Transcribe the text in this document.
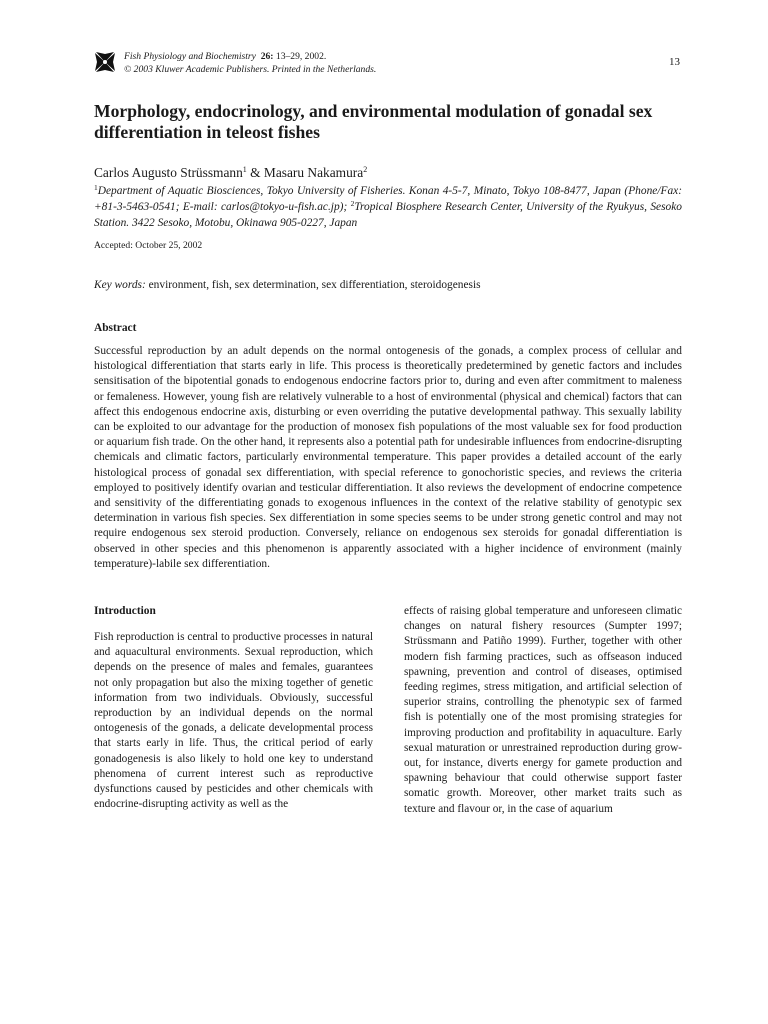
Fish Physiology and Biochemistry 26: 13–29, 2002.
© 2003 Kluwer Academic Publishers. Printed in the Netherlands.
13
Morphology, endocrinology, and environmental modulation of gonadal sex differentiation in teleost fishes
Carlos Augusto Strüssmann$^1$ & Masaru Nakamura$^2$
$^1$Department of Aquatic Biosciences, Tokyo University of Fisheries. Konan 4-5-7, Minato, Tokyo 108-8477, Japan (Phone/Fax: +81-3-5463-0541; E-mail: carlos@tokyo-u-fish.ac.jp); $^2$Tropical Biosphere Research Center, University of the Ryukyus, Sesoko Station. 3422 Sesoko, Motobu, Okinawa 905-0227, Japan
Accepted: October 25, 2002
Key words: environment, fish, sex determination, sex differentiation, steroidogenesis
Abstract

Successful reproduction by an adult depends on the normal ontogenesis of the gonads, a complex process of cellular and histological differentiation that starts early in life. This process is theoretically predetermined by genetic factors and includes sensitisation of the bipotential gonads to endogenous endocrine factors prior to, during and even after commitment to maleness or femaleness. However, young fish are relatively vulnerable to a host of environmental (physical and chemical) factors that can affect this endogenous endocrine axis, disturbing or even overriding the putative developmental pathway. This sexually lability can be exploited to our advantage for the production of monosex fish populations of the most valuable sex for food production or aquarium fish trade. On the other hand, it represents also a potential path for undesirable influences from endocrine-disrupting chemicals and climatic factors, particularly environmental temperature. This paper provides a detailed account of the early histological process of gonadal sex differentiation, with special reference to gonochoristic species, and reviews the criteria employed to positively identify ovarian and testicular differentiation. It also reviews the development of endocrine competence and sensitivity of the differentiating gonads to exogenous influences in the context of the relative stability of genotypic sex determination in various fish species. Sex differentiation in some species seems to be under strong genetic control and may not require endogenous sex steroid production. Conversely, reliance on endogenous sex steroids for gonadal differentiation is observed in other species and this phenomenon is apparently associated with a higher incidence of environment (mainly temperature)-labile sex differentiation.

Introduction

Fish reproduction is central to productive processes in natural and aquacultural environments. Sexual reproduction, which depends on the presence of males and females, guarantees not only propagation but also the mixing together of genetic information from two individuals. Obviously, successful reproduction by an individual depends on the normal ontogenesis of the gonads, a delicate developmental process that starts early in life. Thus, the critical period of early gonadogenesis is also likely to hold one key to understand phenomena of current interest such as reproductive dysfunctions caused by pesticides and other chemicals with endocrine-disrupting activity as well as the

effects of raising global temperature and unforeseen climatic changes on natural fishery resources (Sumpter 1997; Strüssmann and Patiño 1999). Further, together with other modern fish farming practices, such as offseason induced spawning, prevention and control of diseases, optimised feeding regimes, stress mitigation, and artificial selection of superior strains, controlling the phenotypic sex of farmed fish is potentially one of the most promising strategies for improving production and profitability in aquaculture. Early sexual maturation or unrestrained reproduction during growout, for instance, diverts energy for gamete production and spawning behaviour that could otherwise support faster somatic growth. Moreover, other market traits such as texture and flavour or, in the case of aquarium
